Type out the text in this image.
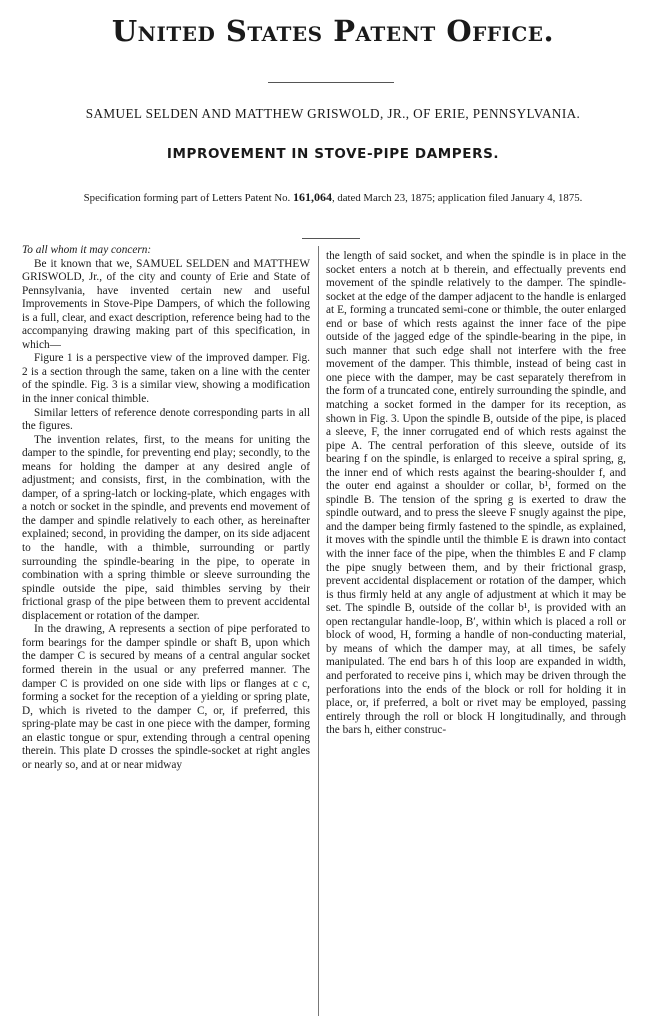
United States Patent Office.
SAMUEL SELDEN AND MATTHEW GRISWOLD, JR., OF ERIE, PENNSYLVANIA.
IMPROVEMENT IN STOVE-PIPE DAMPERS.
Specification forming part of Letters Patent No. 161,064, dated March 23, 1875; application filed January 4, 1875.

To all whom it may concern:

Be it known that we, SAMUEL SELDEN and MATTHEW GRISWOLD, Jr., of the city and county of Erie and State of Pennsylvania, have invented certain new and useful Improvements in Stove-Pipe Dampers, of which the following is a full, clear, and exact description, reference being had to the accompanying drawing making part of this specification, in which—

Figure 1 is a perspective view of the improved damper. Fig. 2 is a section through the same, taken on a line with the center of the spindle. Fig. 3 is a similar view, showing a modification in the inner conical thimble.

Similar letters of reference denote corresponding parts in all the figures.

The invention relates, first, to the means for uniting the damper to the spindle, for preventing end play; secondly, to the means for holding the damper at any desired angle of adjustment; and consists, first, in the combination, with the damper, of a spring-latch or locking-plate, which engages with a notch or socket in the spindle, and prevents end movement of the damper and spindle relatively to each other, as hereinafter explained; second, in providing the damper, on its side adjacent to the handle, with a thimble, surrounding or partly surrounding the spindle-bearing in the pipe, to operate in combination with a spring thimble or sleeve surrounding the spindle outside the pipe, said thimbles serving by their frictional grasp of the pipe between them to prevent accidental displacement or rotation of the damper.

In the drawing, A represents a section of pipe perforated to form bearings for the damper spindle or shaft B, upon which the damper C is secured by means of a central angular socket formed therein in the usual or any preferred manner. The damper C is provided on one side with lips or flanges at c c, forming a socket for the reception of a yielding or spring plate, D, which is riveted to the damper C, or, if preferred, this spring-plate may be cast in one piece with the damper, forming an elastic tongue or spur, extending through a central opening therein. This plate D crosses the spindle-socket at right angles or nearly so, and at or near midway

the length of said socket, and when the spindle is in place in the socket enters a notch at b therein, and effectually prevents end movement of the spindle relatively to the damper. The spindle-socket at the edge of the damper adjacent to the handle is enlarged at E, forming a truncated semi-cone or thimble, the outer enlarged end or base of which rests against the inner face of the pipe outside of the jagged edge of the spindle-bearing in the pipe, in such manner that such edge shall not interfere with the free movement of the damper. This thimble, instead of being cast in one piece with the damper, may be cast separately therefrom in the form of a truncated cone, entirely surrounding the spindle, and matching a socket formed in the damper for its reception, as shown in Fig. 3. Upon the spindle B, outside of the pipe, is placed a sleeve, F, the inner corrugated end of which rests against the pipe A. The central perforation of this sleeve, outside of its bearing f on the spindle, is enlarged to receive a spiral spring, g, the inner end of which rests against the bearing-shoulder f, and the outer end against a shoulder or collar, b¹, formed on the spindle B. The tension of the spring g is exerted to draw the spindle outward, and to press the sleeve F snugly against the pipe, and the damper being firmly fastened to the spindle, as explained, it moves with the spindle until the thimble E is drawn into contact with the inner face of the pipe, when the thimbles E and F clamp the pipe snugly between them, and by their frictional grasp, prevent accidental displacement or rotation of the damper, which is thus firmly held at any angle of adjustment at which it may be set. The spindle B, outside of the collar b¹, is provided with an open rectangular handle-loop, B′, within which is placed a roll or block of wood, H, forming a handle of non-conducting material, by means of which the damper may, at all times, be safely manipulated. The end bars h of this loop are expanded in width, and perforated to receive pins i, which may be driven through the perforations into the ends of the block or roll for holding it in place, or, if preferred, a bolt or rivet may be employed, passing entirely through the roll or block H longitudinally, and through the bars h, either construc-
